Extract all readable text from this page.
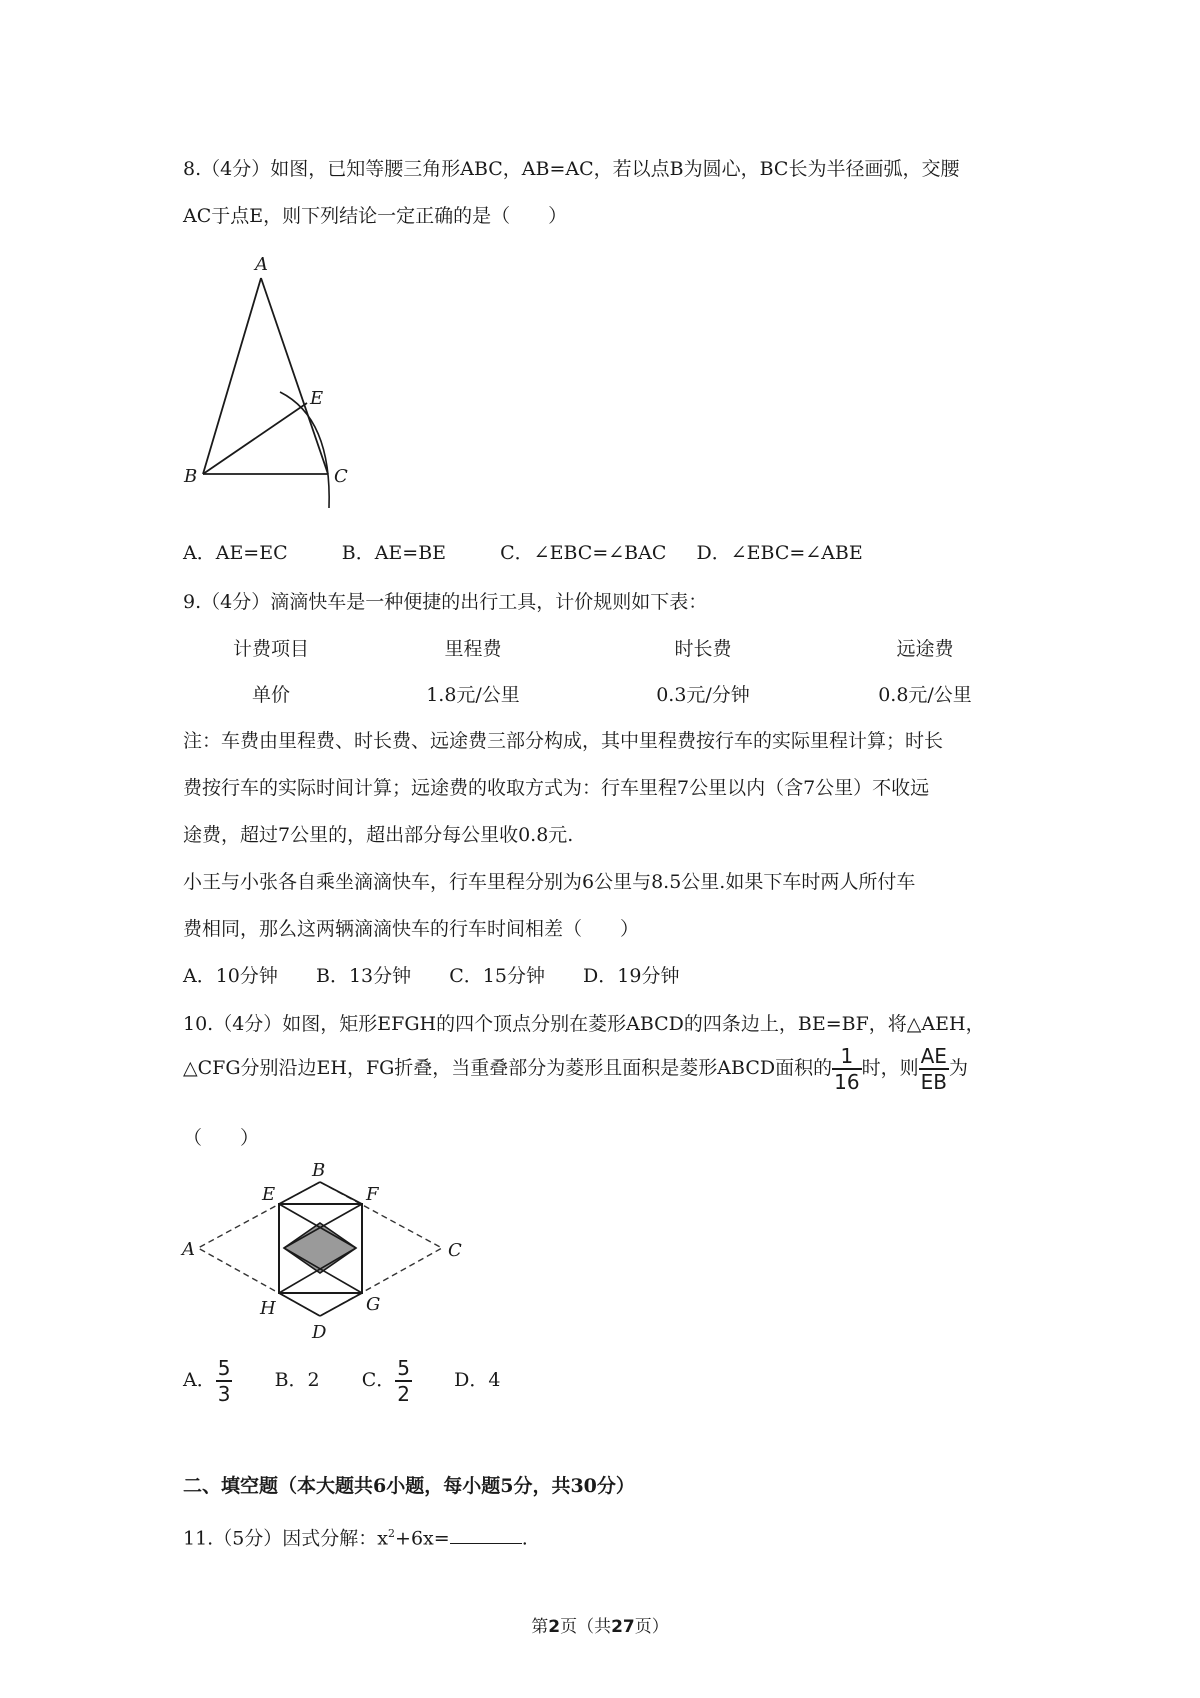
8.（4分）如图，已知等腰三角形ABC，AB=AC，若以点B为圆心，BC长为半径画弧，交腰
AC于点E，则下列结论一定正确的是（　　）
A
E
B	C
A．AE=EC	B．AE=BE	C．∠EBC=∠BAC D．∠EBC=∠ABE
9.（4分）滴滴快车是一种便捷的出行工具，计价规则如下表：
计费项目	里程费	时长费	远途费
单价	1.8元/公里	0.3元/分钟	0.8元/公里
注：车费由里程费、时长费、远途费三部分构成，其中里程费按行车的实际里程计算；时长
费按行车的实际时间计算；远途费的收取方式为：行车里程7公里以内（含7公里）不收远
途费，超过7公里的，超出部分每公里收0.8元.
小王与小张各自乘坐滴滴快车，行车里程分别为6公里与8.5公里.如果下车时两人所付车
费相同，那么这两辆滴滴快车的行车时间相差（　　）
A．10分钟 B．13分钟 C．15分钟 D．19分钟
10.（4分）如图，矩形EFGH的四个顶点分别在菱形ABCD的四条边上，BE=BF，将△AEH，
△CFG分别沿边EH，FG折叠，当重叠部分为菱形且面积是菱形ABCD面积的 $\frac{1}{16}$ 时，则 $\frac{AE}{EB}$ 为
（　　）
B
E	F
A	C
H	G
D
A． $\frac{5}{3}$ B．2 C． $\frac{5}{2}$ D．4
二、填空题（本大题共6小题，每小题5分，共30分）
11.（5分）因式分解：$x^2+6x=$	.
第2页（共27页）
